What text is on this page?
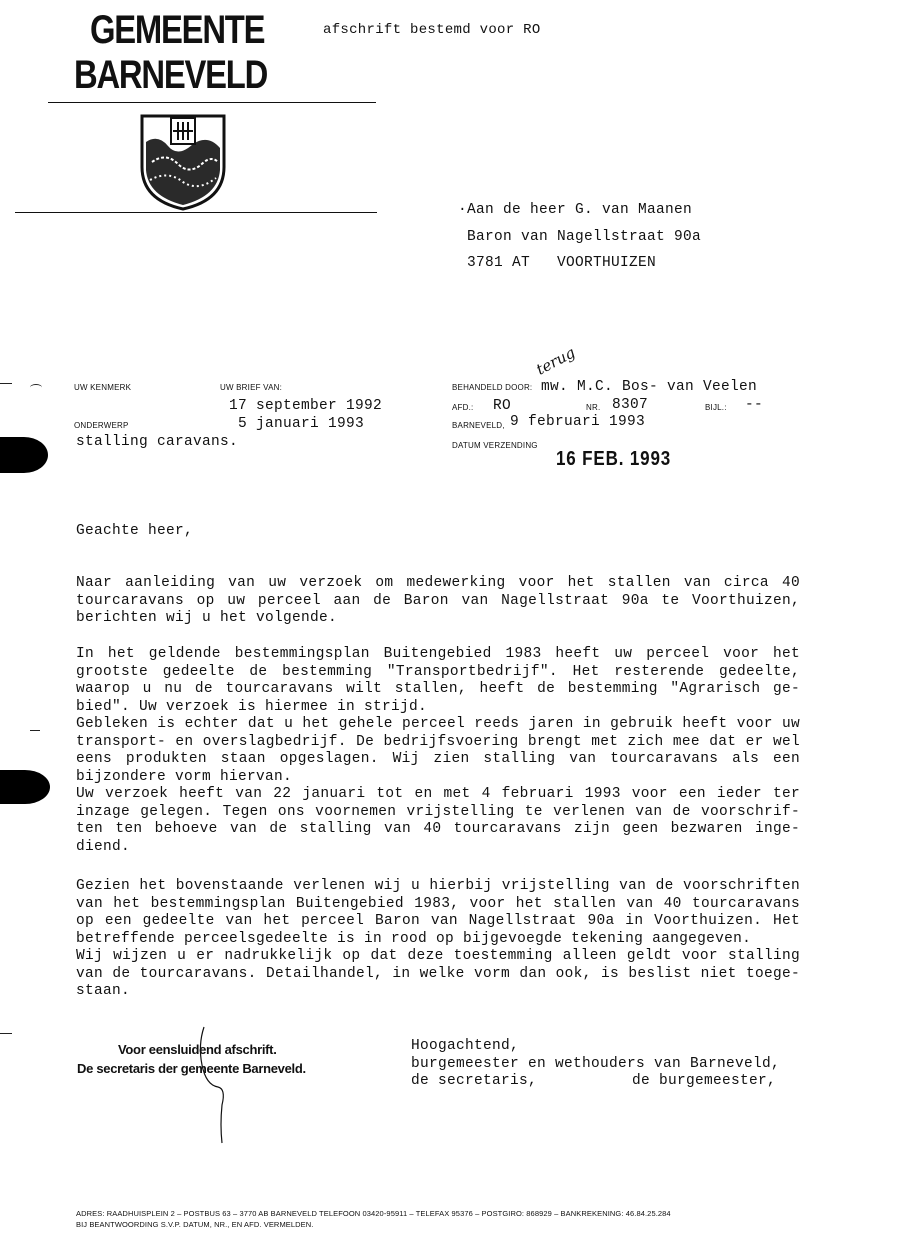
GEMEENTE
BARNEVELD
afschrift bestemd voor RO
·Aan de heer G. van Maanen
Baron van Nagellstraat 90a
3781 AT   VOORTHUIZEN
UW KENMERK	UW BRIEF VAN:
17 september 1992
ONDERWERP	5 januari 1993
stalling caravans.
terug
BEHANDELD DOOR: mw. M.C. Bos- van Veelen
AFD.: RO	NR. 8307	BIJL.: --
BARNEVELD, 9 februari 1993
DATUM VERZENDING
16 FEB. 1993
Geachte heer,
Naar aanleiding van uw verzoek om medewerking voor het stallen van circa 40 tourcaravans op uw perceel aan de Baron van Nagellstraat 90a te Voorthuizen, berichten wij u het volgende.
In het geldende bestemmingsplan Buitengebied 1983 heeft uw perceel voor het grootste gedeelte de bestemming "Transportbedrijf". Het resterende gedeelte, waarop u nu de tourcaravans wilt stallen, heeft de bestemming "Agrarisch ge-bied". Uw verzoek is hiermee in strijd.
Gebleken is echter dat u het gehele perceel reeds jaren in gebruik heeft voor uw transport- en overslagbedrijf. De bedrijfsvoering brengt met zich mee dat er wel eens produkten staan opgeslagen. Wij zien stalling van tourcaravans als een bijzondere vorm hiervan.
Uw verzoek heeft van 22 januari tot en met 4 februari 1993 voor een ieder ter inzage gelegen. Tegen ons voornemen vrijstelling te verlenen van de voorschrif-ten ten behoeve van de stalling van 40 tourcaravans zijn geen bezwaren inge-diend.
Gezien het bovenstaande verlenen wij u hierbij vrijstelling van de voorschriften van het bestemmingsplan Buitengebied 1983, voor het stallen van 40 tourcaravans op een gedeelte van het perceel Baron van Nagellstraat 90a in Voorthuizen. Het betreffende perceelsgedeelte is in rood op bijgevoegde tekening aangegeven.
Wij wijzen u er nadrukkelijk op dat deze toestemming alleen geldt voor stalling van de tourcaravans. Detailhandel, in welke vorm dan ook, is beslist niet toege-staan.
Voor eensluidend afschrift.
De secretaris der gemeente Barneveld.
Hoogachtend,
burgemeester en wethouders van Barneveld,
de secretaris,	de burgemeester,
ADRES: RAADHUISPLEIN 2 – POSTBUS 63 – 3770 AB BARNEVELD TELEFOON 03420-95911 – TELEFAX 95376 – POSTGIRO: 868929 – BANKREKENING: 46.84.25.284
BIJ BEANTWOORDING S.V.P. DATUM, NR., EN AFD. VERMELDEN.
